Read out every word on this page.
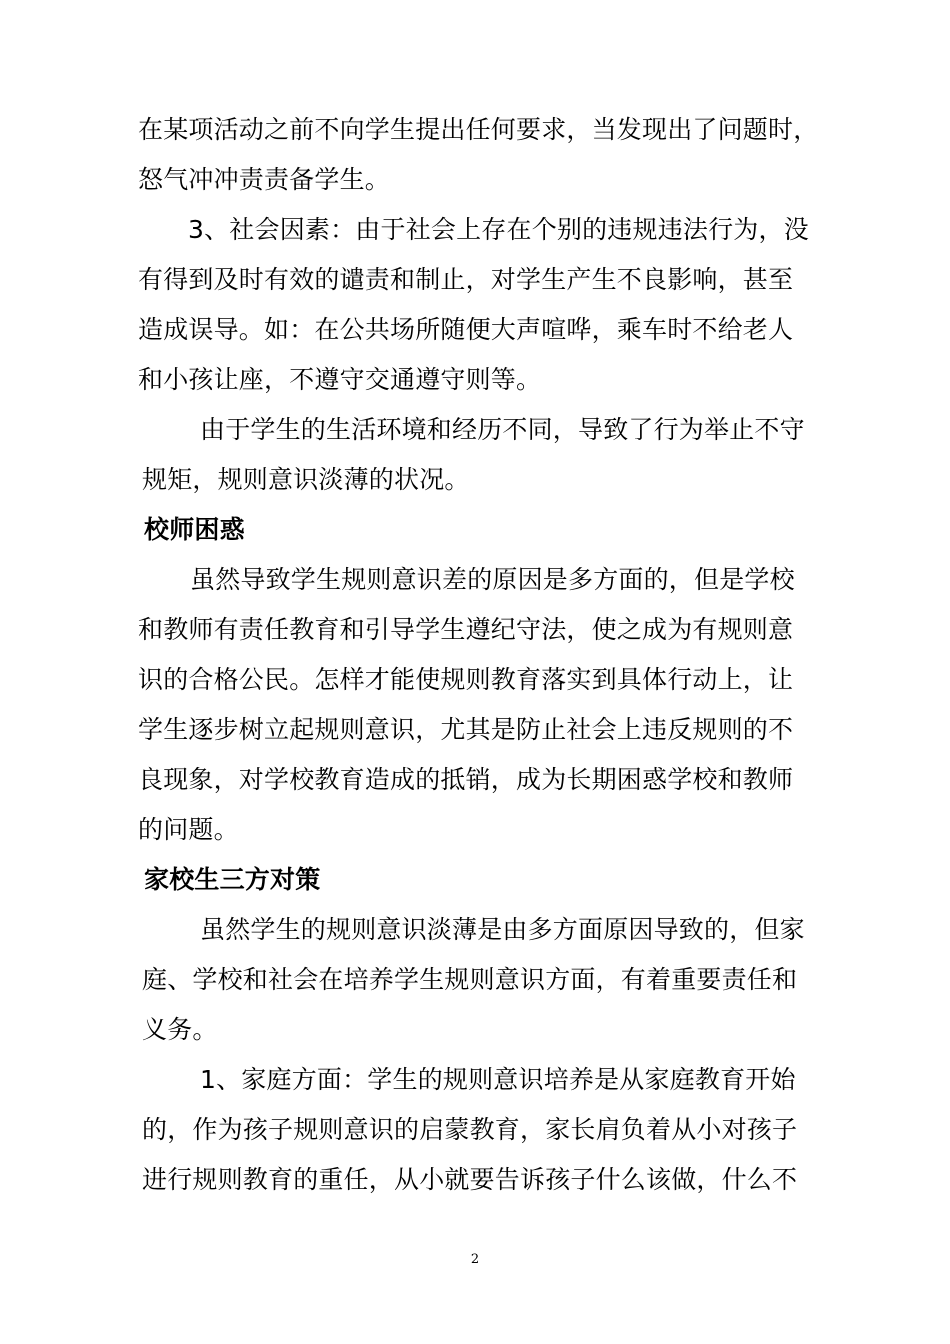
在某项活动之前不向学生提出任何要求，当发现出了问题时，
怒气冲冲责责备学生。
3、社会因素：由于社会上存在个别的违规违法行为，没
有得到及时有效的谴责和制止，对学生产生不良影响，甚至
造成误导。如：在公共场所随便大声喧哗，乘车时不给老人
和小孩让座，不遵守交通遵守则等。
由于学生的生活环境和经历不同，导致了行为举止不守
规矩，规则意识淡薄的状况。
校师困惑
虽然导致学生规则意识差的原因是多方面的，但是学校
和教师有责任教育和引导学生遵纪守法，使之成为有规则意
识的合格公民。怎样才能使规则教育落实到具体行动上，让
学生逐步树立起规则意识，尤其是防止社会上违反规则的不
良现象，对学校教育造成的抵销，成为长期困惑学校和教师
的问题。
家校生三方对策
虽然学生的规则意识淡薄是由多方面原因导致的，但家
庭、学校和社会在培养学生规则意识方面，有着重要责任和
义务。
1、家庭方面：学生的规则意识培养是从家庭教育开始
的，作为孩子规则意识的启蒙教育，家长肩负着从小对孩子
进行规则教育的重任，从小就要告诉孩子什么该做，什么不
2
